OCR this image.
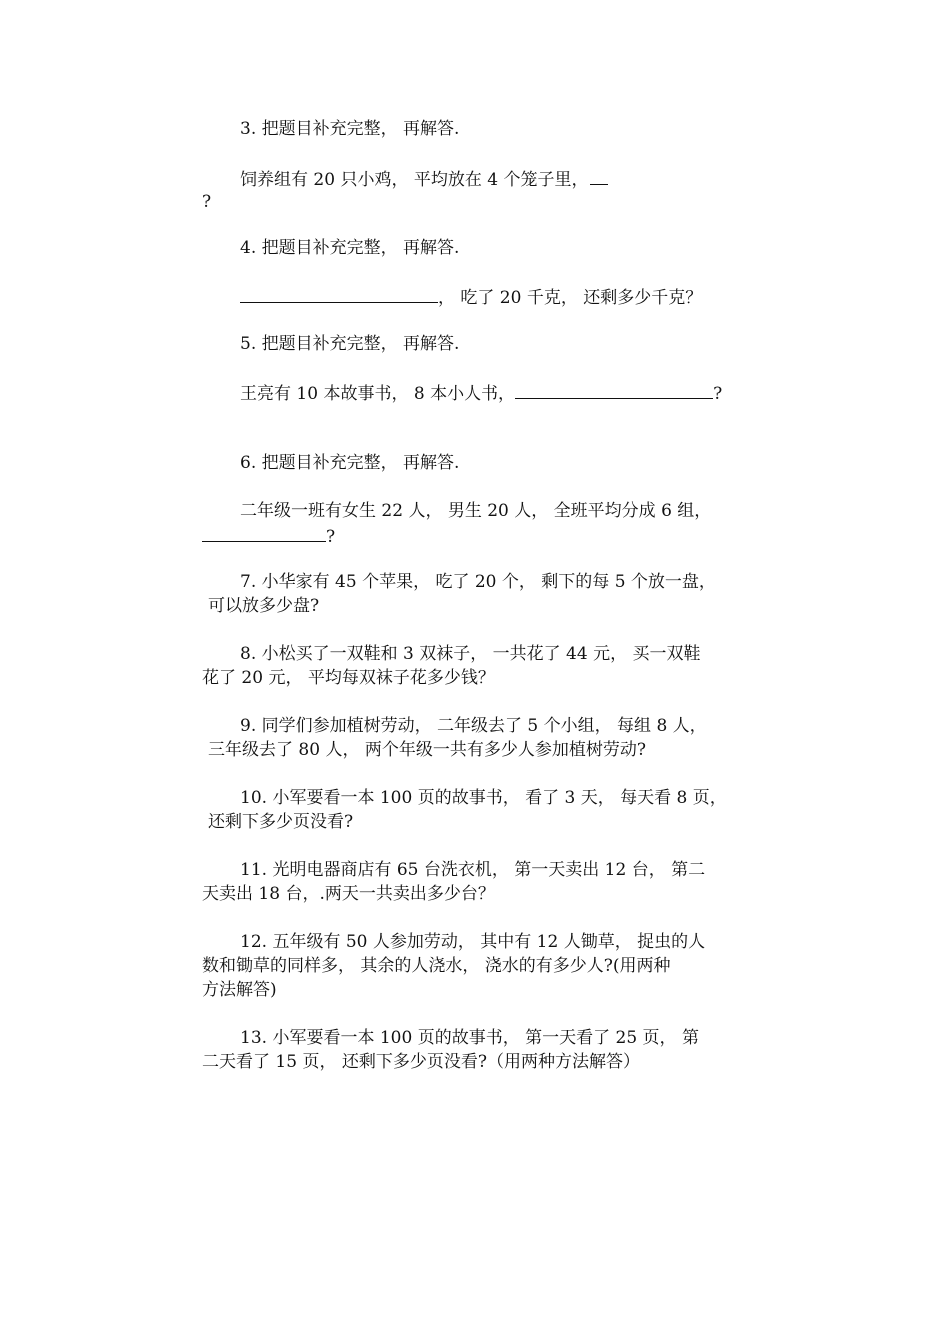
3. 把题目补充完整， 再解答.
饲养组有 20 只小鸡， 平均放在 4 个笼子里，
?
4. 把题目补充完整， 再解答.
， 吃了 20 千克， 还剩多少千克？
5. 把题目补充完整， 再解答.
王亮有 10 本故事书， 8 本小人书，	?
6. 把题目补充完整， 再解答.
二年级一班有女生 22 人， 男生 20 人， 全班平均分成 6 组，
?
7. 小华家有 45 个苹果， 吃了 20 个， 剩下的每 5 个放一盘，
可以放多少盘?
8. 小松买了一双鞋和 3 双袜子， 一共花了 44 元， 买一双鞋
花了 20 元， 平均每双袜子花多少钱？
9. 同学们参加植树劳动， 二年级去了 5 个小组， 每组 8 人，
三年级去了 80 人， 两个年级一共有多少人参加植树劳动?
10. 小军要看一本 100 页的故事书， 看了 3 天， 每天看 8 页，
还剩下多少页没看?
11. 光明电器商店有 65 台洗衣机， 第一天卖出 12 台， 第二
天卖出 18 台，.两天一共卖出多少台？
12. 五年级有 50 人参加劳动， 其中有 12 人锄草， 捉虫的人
数和锄草的同样多， 其余的人浇水， 浇水的有多少人?(用两种
方法解答)
13. 小军要看一本 100 页的故事书， 第一天看了 25 页， 第
二天看了 15 页， 还剩下多少页没看?（用两种方法解答）
